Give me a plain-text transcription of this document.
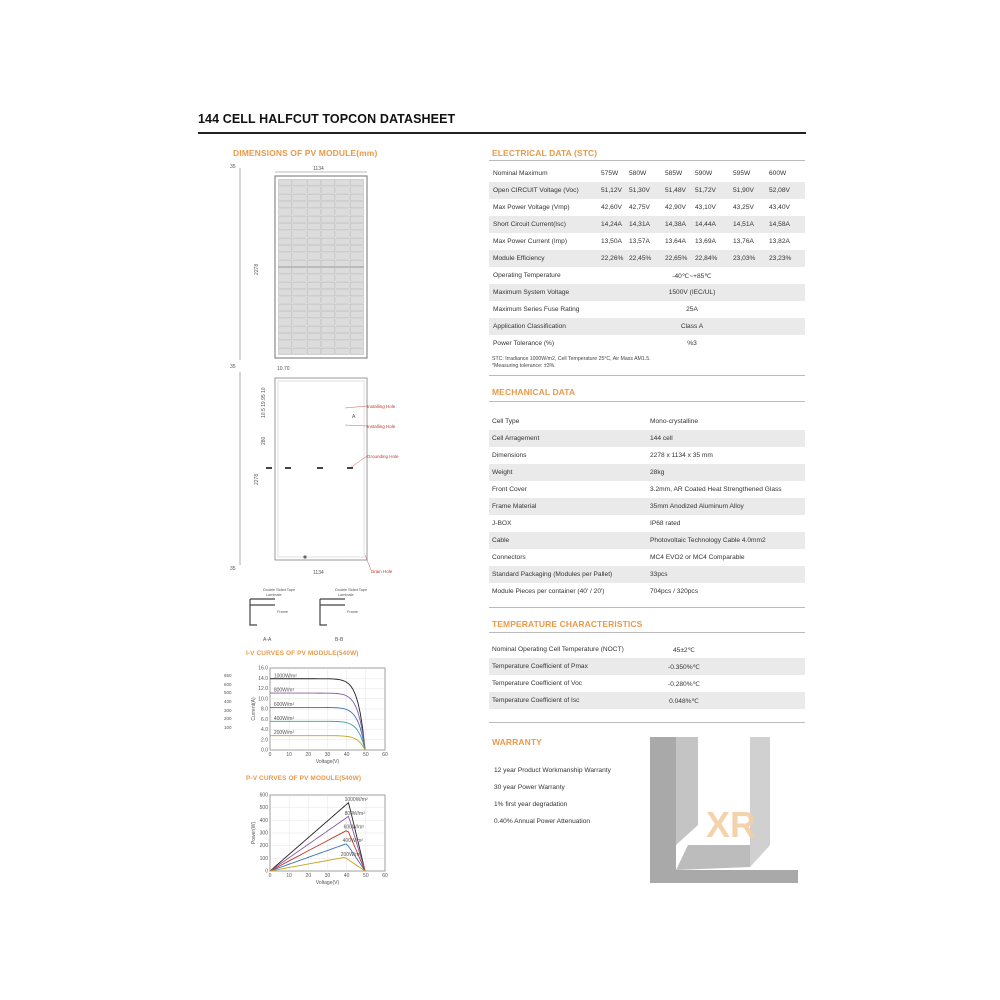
144 CELL HALFCUT TOPCON DATASHEET
DIMENSIONS OF PV MODULE(mm)
35
2278
1134
35
35
2278
1134
10.70
10.5 19.95 10
280
A
Installing Hole
Installing Hole
Grounding Hole
Drain Hole
Double Sided Tape
Laminate
Frame
Double Sided Tape
Laminate
Frame
A-A	B-B
I-V CURVES OF PV MODULE(540W)
650
600
500
400
300
200
100
0	10	20	30	40	50	60
0.0
2.0
4.0
6.0
8.0
10.0
12.0
14.0
16.0
Voltage(V)
Current(A)
1000W/m²
800W/m²
600W/m²
400W/m²
200W/m²
P-V CURVES OF PV MODULE(540W)
0	10	20	30	40	50	60
0
100
200
300
400
500
600
Voltage(V)
Power(W)
1000W/m²
800W/m²
600W/m²
400W/m²
200W/m²
ELECTRICAL DATA (STC)
Nominal Maximum	575W 580W	585W 590W	595W	600W
Open CIRCUIT Voltage (Voc)	51,12V 51,30V 51,48V 51,72V	51,90V 52,08V
Max Power Voltage (Vmp)	42,60V 42,75V 42,90V 43,10V	43,25V 43,40V
Short Circuit Current(Isc)	14,24A 14,31A 14,38A 14,44A	14,51A 14,58A
Max Power Current (Imp)	13,50A 13,57A 13,64A 13,69A	13,76A 13,82A
Module Efficiency	22,26% 22,45% 22,65% 22,84% 23,03% 23,23%
Operating Temperature	-40℃~+85℃
Maximum System Voltage	1500V (IEC/UL)
Maximum Series Fuse Rating	25A
Application Classification	Class A
Power Tolerance (%)	%3
STC: Irradiance 1000W/m2, Cell Temperature 25°C, Air Mass AM1.5.
*Measuring tolerance: ±3%.
MECHANICAL DATA
Cell Type	Mono-crystalline
Cell Arragement	144 cell
Dimensions	2278 x 1134 x 35 mm
Weight	28kg
Front Cover	3.2mm, AR Coated Heat Strengthened Glass
Frame Material	35mm Anodized Aluminum Alloy
J-BOX	IP68 rated
Cable	Photovoltaic Technology Cable 4.0mm2
Connectors	MC4 EVO2 or MC4 Comparable
Standard Packaging (Modules per Pallet)	33pcs
Module Pieces per container (40' / 20')	704pcs / 320pcs
TEMPERATURE CHARACTERISTICS
Nominal Operating Cell Temperature (NOCT)	45±2℃
Temperature Coefficient of Pmax	-0.350%℃
Temperature Coefficient of Voc	-0.280%℃
Temperature Coefficient of Isc	0.048%℃
WARRANTY
12 year Product Workmanship Warranty
30 year Power Warranty
1% first year degradation
0.40% Annual Power Attenuation	XR
